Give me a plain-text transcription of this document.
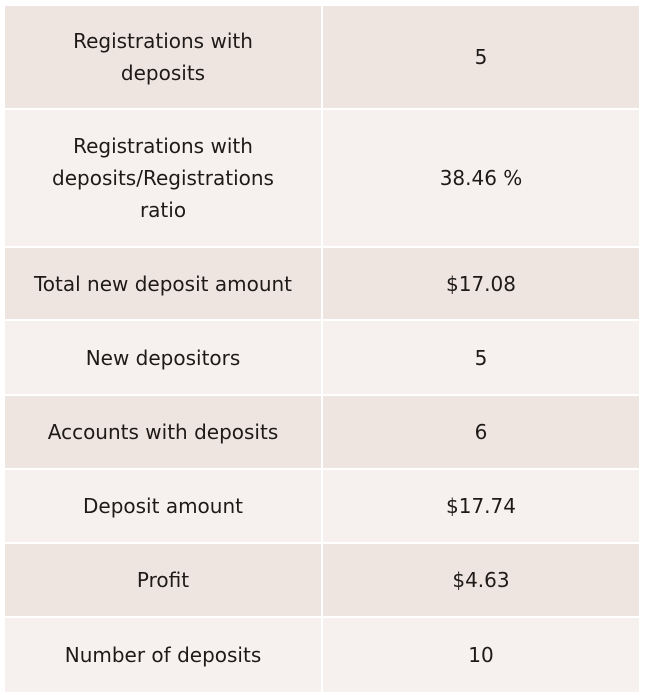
Registrations with deposits	5
Registrations with deposits/Registrations ratio	38.46 %
Total new deposit amount	$17.08
New depositors	5
Accounts with deposits	6
Deposit amount	$17.74
Profit	$4.63
Number of deposits	10
